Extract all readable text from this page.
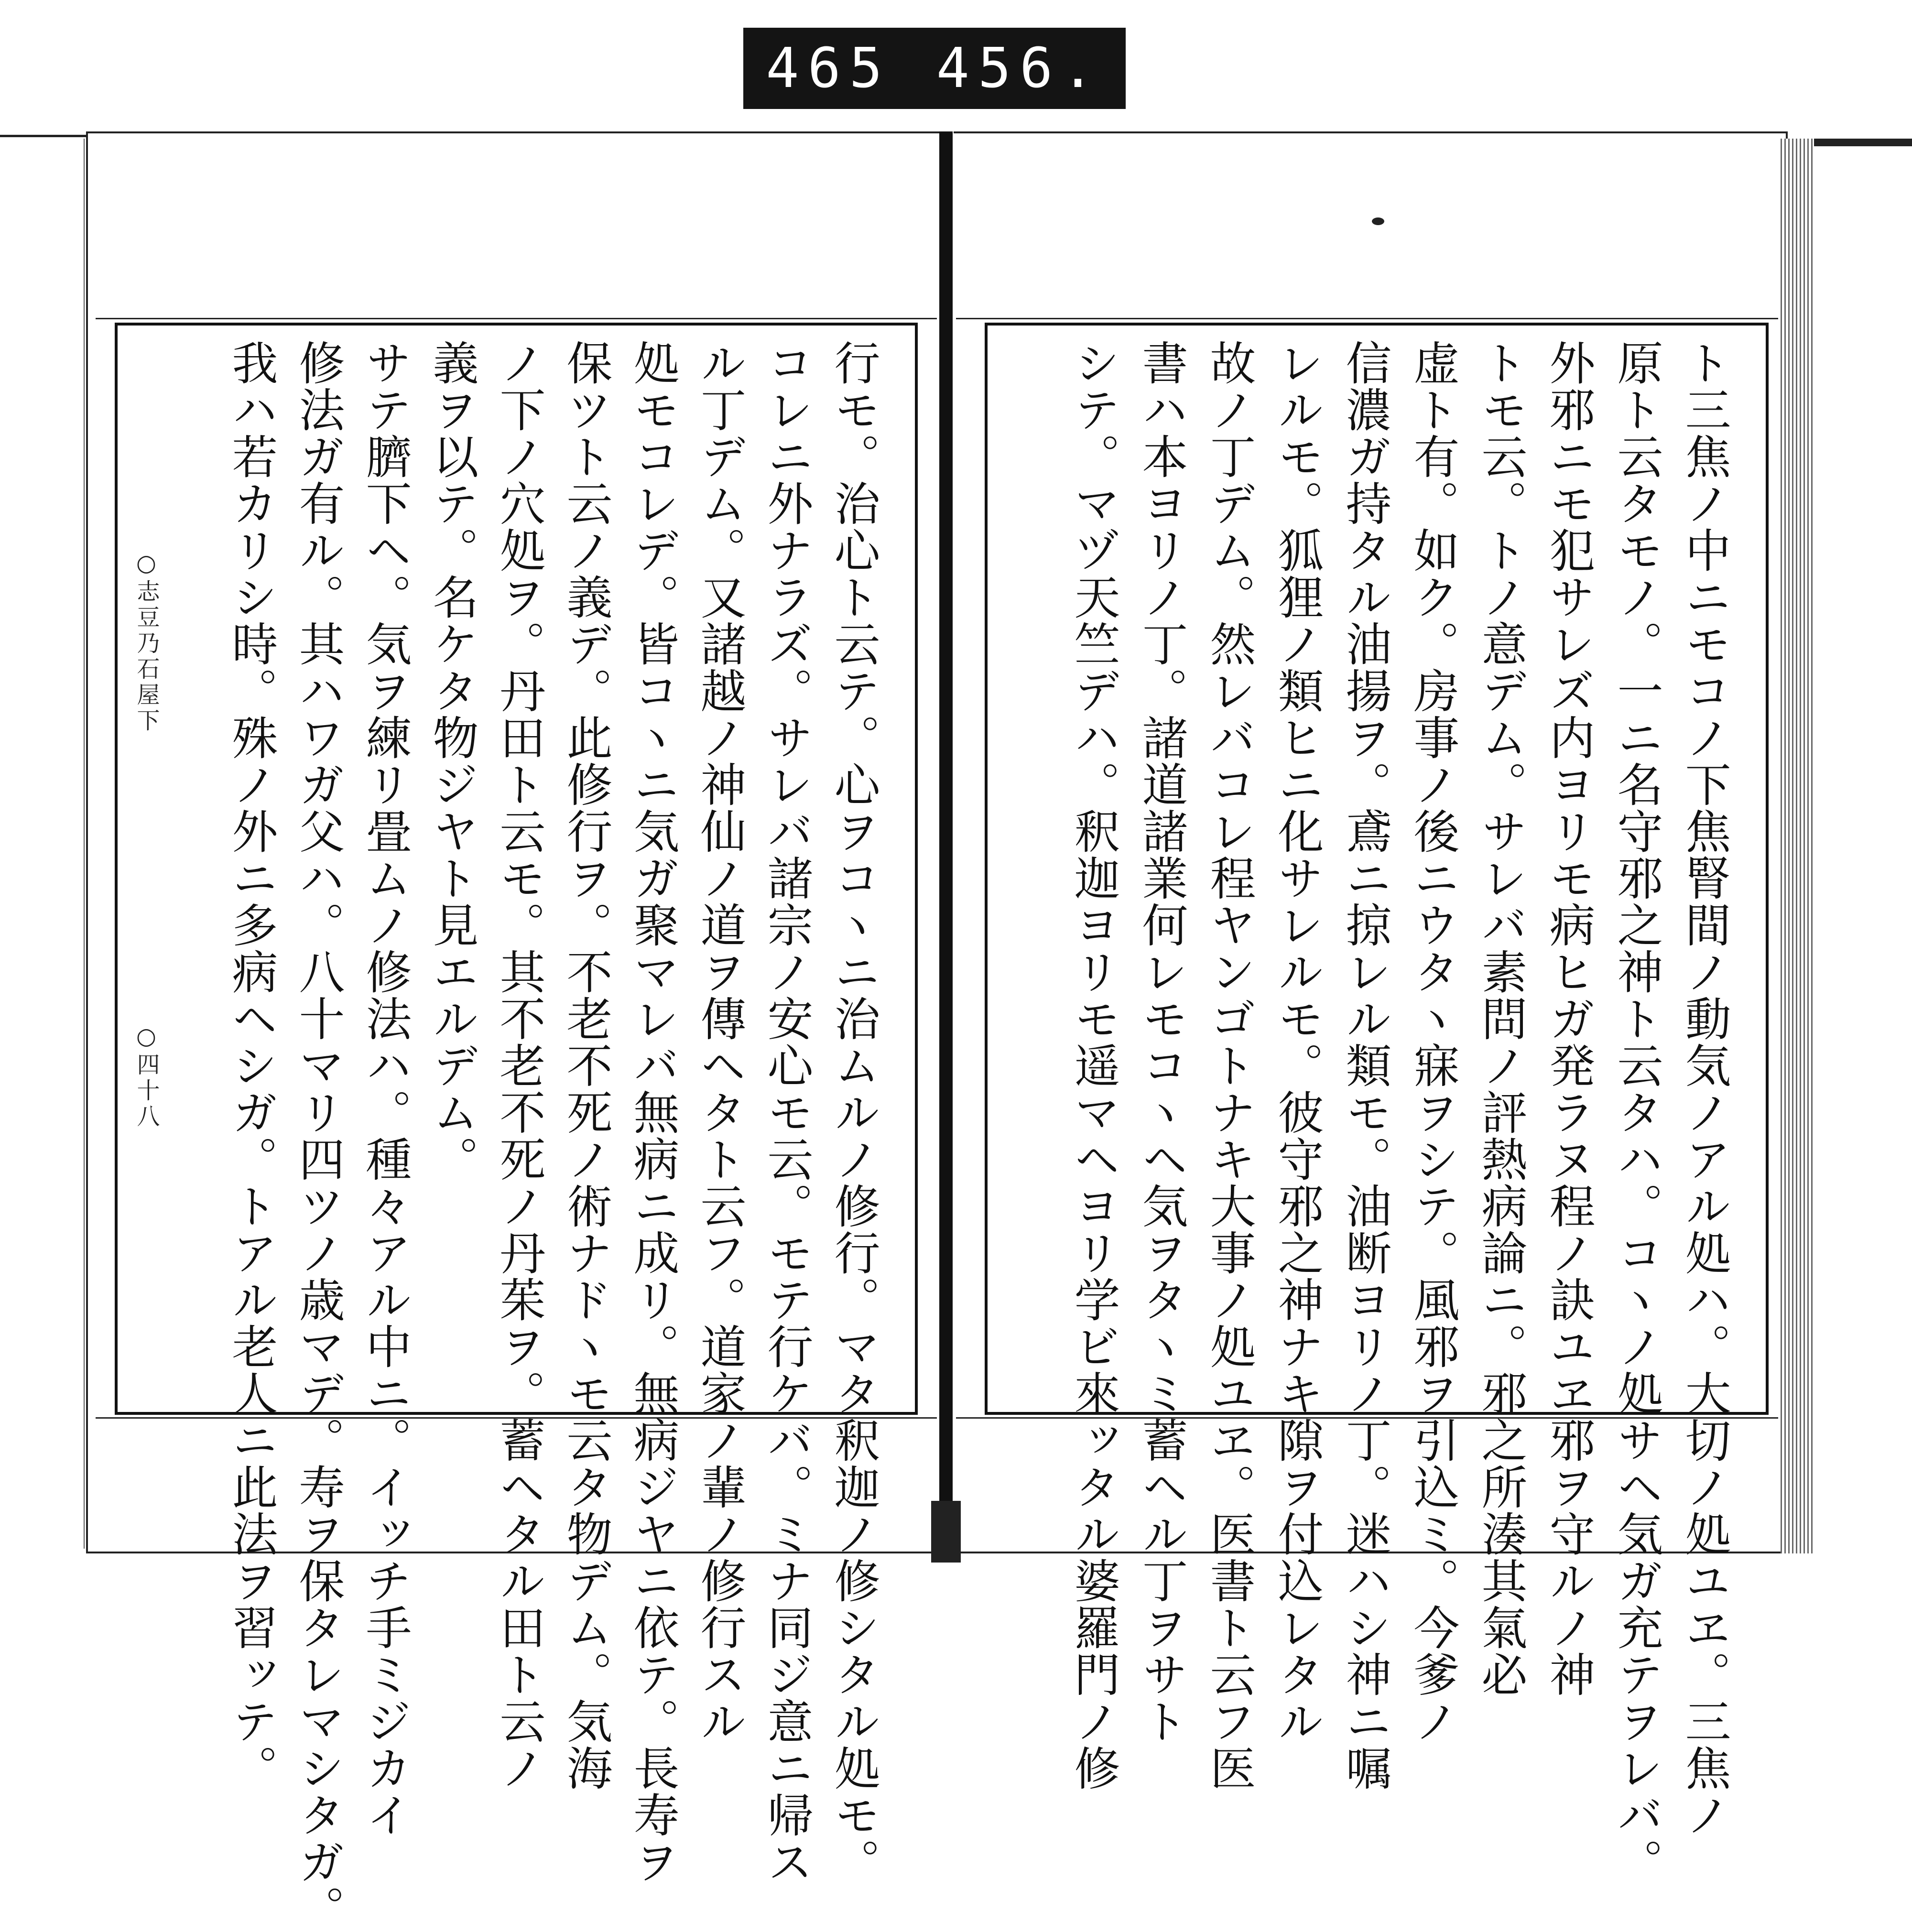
465 456.
ト三焦ノ中ニモコノ下焦腎間ノ動気ノアル処ハ。大切ノ処ユヱ。三焦ノ
原ト云タモノ。一ニ名守邪之神ト云タハ。コヽノ処サヘ気ガ充テヲレバ。
外邪ニモ犯サレズ内ヨリモ病ヒガ発ラヌ程ノ訣ユヱ邪ヲ守ルノ神
トモ云。トノ意デム。サレバ素問ノ評熱病論ニ。邪之所湊其氣必
虚ト有。如ク。房事ノ後ニウタヽ寐ヲシテ。風邪ヲ引込ミ。今爹ノ
信濃ガ持タル油揚ヲ。鳶ニ掠レル類モ。油断ヨリノ丁。迷ハシ神ニ嘱
レルモ。狐狸ノ類ヒニ化サレルモ。彼守邪之神ナキ隙ヲ付込レタル
故ノ丁デム。然レバコレ程ヤンゴトナキ大事ノ処ユヱ。医書ト云フ医
書ハ本ヨリノ丁。諸道諸業何レモコヽヘ気ヲタヽミ蓄ヘル丁ヲサト
シテ。マヅ天竺デハ。釈迦ヨリモ遥マヘヨリ学ビ來ッタル婆羅門ノ修
行モ。治心ト云テ。心ヲコヽニ治ムルノ修行。マタ釈迦ノ修シタル処モ。
コレニ外ナラズ。サレバ諸宗ノ安心モ云。モテ行ケバ。ミナ同ジ意ニ帰ス
ル丁デム。又諸越ノ神仙ノ道ヲ傳ヘタト云フ。道家ノ輩ノ修行スル
処モコレデ。皆コヽニ気ガ聚マレバ無病ニ成リ。無病ジヤニ依テ。長寿ヲ
保ツト云ノ義デ。此修行ヲ。不老不死ノ術ナドヽモ云タ物デム。気海
ノ下ノ穴処ヲ。丹田ト云モ。其不老不死ノ丹茱ヲ。蓄ヘタル田ト云ノ
義ヲ以テ。名ケタ物ジヤト見エルデム。
サテ臍下ヘ。気ヲ練リ畳ムノ修法ハ。種々アル中ニ。イッチ手ミジカイ
修法ガ有ル。其ハワガ父ハ。八十マリ四ツノ歳マデ。寿ヲ保タレマシタガ。
我ハ若カリシ時。殊ノ外ニ多病ヘシガ。トアル老人ニ此法ヲ習ッテ。
○志豆乃石屋下
○四十八
